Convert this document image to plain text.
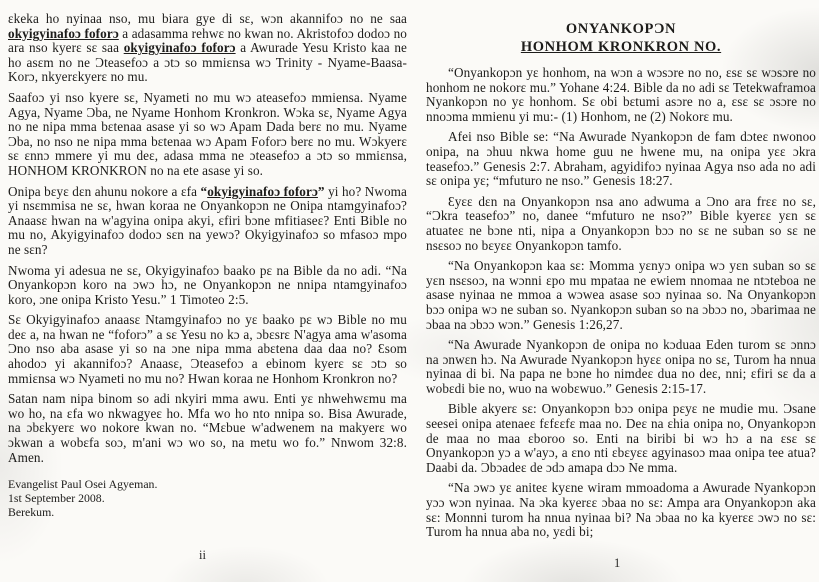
ɛkeka ho nyinaa nso, mu biara gye di sɛ, wɔn akannifoɔ no ne saa okyigyinafoɔ foforɔ a adasamma rehwɛ no kwan no. Akristofoɔ dodoɔ no ara nso kyerɛ sɛ saa okyigyinafoɔ foforɔ a Awurade Yesu Kristo kaa ne ho asɛm no ne Ɔteasefoɔ a ɔtɔ so mmiɛnsa wɔ Trinity - Nyame-Baasa-Korɔ, nkyerɛkyerɛ no mu.

Saafoɔ yi nso kyere sɛ, Nyameti no mu wɔ ateasefoɔ mmiensa. Nyame Agya, Nyame Ɔba, ne Nyame Honhom Kronkron. Wɔka sɛ, Nyame Agya no ne nipa mma bɛtenaa asase yi so wɔ Apam Dada berɛ no mu. Nyame Ɔba, no nso ne nipa mma bɛtenaa wɔ Apam Foforɔ berɛ no mu. Wɔkyerɛ sɛ ɛnnɔ mmere yi mu deɛ, adasa mma ne ɔteasefoɔ a ɔtɔ so mmiɛnsa, HONHOM KRONKRON no na ete asase yi so.

Onipa bɛyɛ dɛn ahunu nokore a ɛfa “okyigyinafoɔ foforɔ” yi ho? Nwoma yi nsɛmmisa ne sɛ, hwan koraa ne Onyankopɔn ne Onipa ntamgyinafoɔ? Anaasɛ hwan na w'agyina onipa akyi, ɛfiri bɔne mfitiaseɛ? Enti Bible no mu no, Akyigyinafoɔ dodoɔ sɛn na yewɔ? Okyigyinafoɔ so mfasoɔ mpo ne sɛn?

Nwoma yi adesua ne sɛ, Okyigyinafoɔ baako pɛ na Bible da no adi. “Na Onyankopɔn koro na ɔwɔ hɔ, ne Onyankopɔn ne nnipa ntamgyinafoɔ koro, ɔne onipa Kristo Yesu.” 1 Timoteo 2:5.

Sɛ Okyigyinafoɔ anaasɛ Ntamgyinafoɔ no yɛ baako pɛ wɔ Bible no mu deɛ a, na hwan ne “foforɔ” a sɛ Yesu no kɔ a, ɔbɛsrɛ N'agya ama w'asoma Ɔno nso aba asase yi so na ɔne nipa mma abɛtena daa daa no? Ɛsom ahodoɔ yi akannifoɔ? Anaasɛ, Ɔteasefoɔ a ebinom kyerɛ sɛ ɔtɔ so mmiɛnsa wɔ Nyameti no mu no? Hwan koraa ne Honhom Kronkron no?

Satan nam nipa binom so adi nkyiri mma awu. Enti yɛ nhwehwɛmu ma wo ho, na ɛfa wo nkwagyeɛ ho. Mfa wo ho nto nnipa so. Bisa Awurade, na ɔbɛkyerɛ wo nokore kwan no. “Mɛbue w'adwenem na makyerɛ wo ɔkwan a wobɛfa soɔ, m'ani wɔ wo so, na metu wo fo.” Nnwom 32:8. Amen.

Evangelist Paul Osei Agyeman.
1st September 2008.
Berekum.
ONYANKOPƆN
HONHOM KRONKRON NO.

“Onyankopɔn yɛ honhom, na wɔn a wɔsɔre no no, ɛsɛ sɛ wɔsɔre no honhom ne nokorɛ mu.” Yohane 4:24. Bible da no adi sɛ Tetekwaframoa Nyankopɔn no yɛ honhom. Sɛ obi bɛtumi asɔre no a, ɛsɛ sɛ ɔsɔre no nnoɔma mmienu yi mu:- (1) Honhom, ne (2) Nokorɛ mu.

Afei nso Bible se: “Na Awurade Nyankopɔn de fam dɔteɛ nwonoo onipa, na ɔhuu nkwa home guu ne hwene mu, na onipa yɛɛ ɔkra teasefoɔ.” Genesis 2:7. Abraham, agyidifoɔ nyinaa Agya nso ada no adi sɛ onipa yɛ; “mfuturo ne nso.” Genesis 18:27.

Ɛyɛɛ dɛn na Onyankopɔn nsa ano adwuma a Ɔno ara frɛɛ no sɛ, “Ɔkra teasefoɔ” no, danee “mfuturo ne nso?” Bible kyerɛɛ yɛn sɛ atuateɛ ne bɔne nti, nipa a Onyankopɔn bɔɔ no sɛ ne suban so sɛ ne nsɛsoɔ no bɛyɛɛ Onyankopɔn tamfo.

“Na Onyankopɔn kaa sɛ: Momma yɛnyɔ onipa wɔ yɛn suban so sɛ yɛn nsɛsoɔ, na wɔnni ɛpo mu mpataa ne ewiem nnomaa ne ntɔteboa ne asase nyinaa ne mmoa a wɔwea asase soɔ nyinaa so. Na Onyankopɔn bɔɔ onipa wɔ ne suban so. Nyankopɔn suban so na ɔbɔɔ no, ɔbarimaa ne ɔbaa na ɔbɔɔ wɔn.” Genesis 1:26,27.

“Na Awurade Nyankopɔn de onipa no kɔduaa Eden turom sɛ ɔnnɔ na ɔnwɛn hɔ. Na Awurade Nyankopɔn hyɛɛ onipa no sɛ, Turom ha nnua nyinaa di bi. Na papa ne bɔne ho nimdeɛ dua no deɛ, nni; ɛfiri sɛ da a wobɛdi bie no, wuo na wobɛwuo.” Genesis 2:15-17.

Bible akyerɛ sɛ: Onyankopɔn bɔɔ onipa pɛyɛ ne mudie mu. Ɔsane seesei onipa atenaeɛ fɛfɛɛfɛ maa no. Deɛ na ɛhia onipa no, Onyankopɔn de maa no maa ɛboroo so. Enti na biribi bi wɔ hɔ a na ɛsɛ sɛ Onyankopɔn yɔ a w'ayɔ, a ɛno nti ɛbɛyɛɛ agyinasoɔ maa onipa tee atua? Daabi da. Ɔbɔadeɛ de ɔdɔ amapa dɔɔ Ne mma.

“Na ɔwɔ yɛ aniteɛ kyɛne wiram mmoadoma a Awurade Nyankopɔn yɔɔ wɔn nyinaa. Na ɔka kyerɛɛ ɔbaa no sɛ: Ampa ara Onyankopɔn aka sɛ: Monnni turom ha nnua nyinaa bi? Na ɔbaa no ka kyerɛɛ ɔwɔ no sɛ: Turom ha nnua aba no, yɛdi bi;

ii
1
